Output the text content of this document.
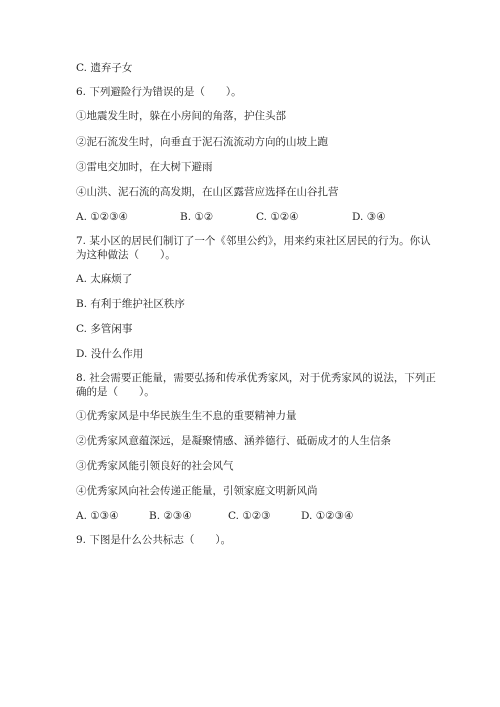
C. 遗弃子女
6. 下列避险行为错误的是（　　）。
①地震发生时，躲在小房间的角落，护住头部
②泥石流发生时，向垂直于泥石流流动方向的山坡上跑
③雷电交加时，在大树下避雨
④山洪、泥石流的高发期，在山区露营应选择在山谷扎营
A. ①②③④	B. ①②	C. ①②④	D. ③④
7. 某小区的居民们制订了一个《邻里公约》，用来约束社区居民的行为。你认
为这种做法（　　）。
A. 太麻烦了
B. 有利于维护社区秩序
C. 多管闲事
D. 没什么作用
8. 社会需要正能量，需要弘扬和传承优秀家风，对于优秀家风的说法，下列正
确的是（　　）。
①优秀家风是中华民族生生不息的重要精神力量
②优秀家风意蕴深远，是凝聚情感、涵养德行、砥砺成才的人生信条
③优秀家风能引领良好的社会风气
④优秀家风向社会传递正能量，引领家庭文明新风尚
A. ①③④	B. ②③④	C. ①②③	D. ①②③④
9. 下图是什么公共标志（　　）。
